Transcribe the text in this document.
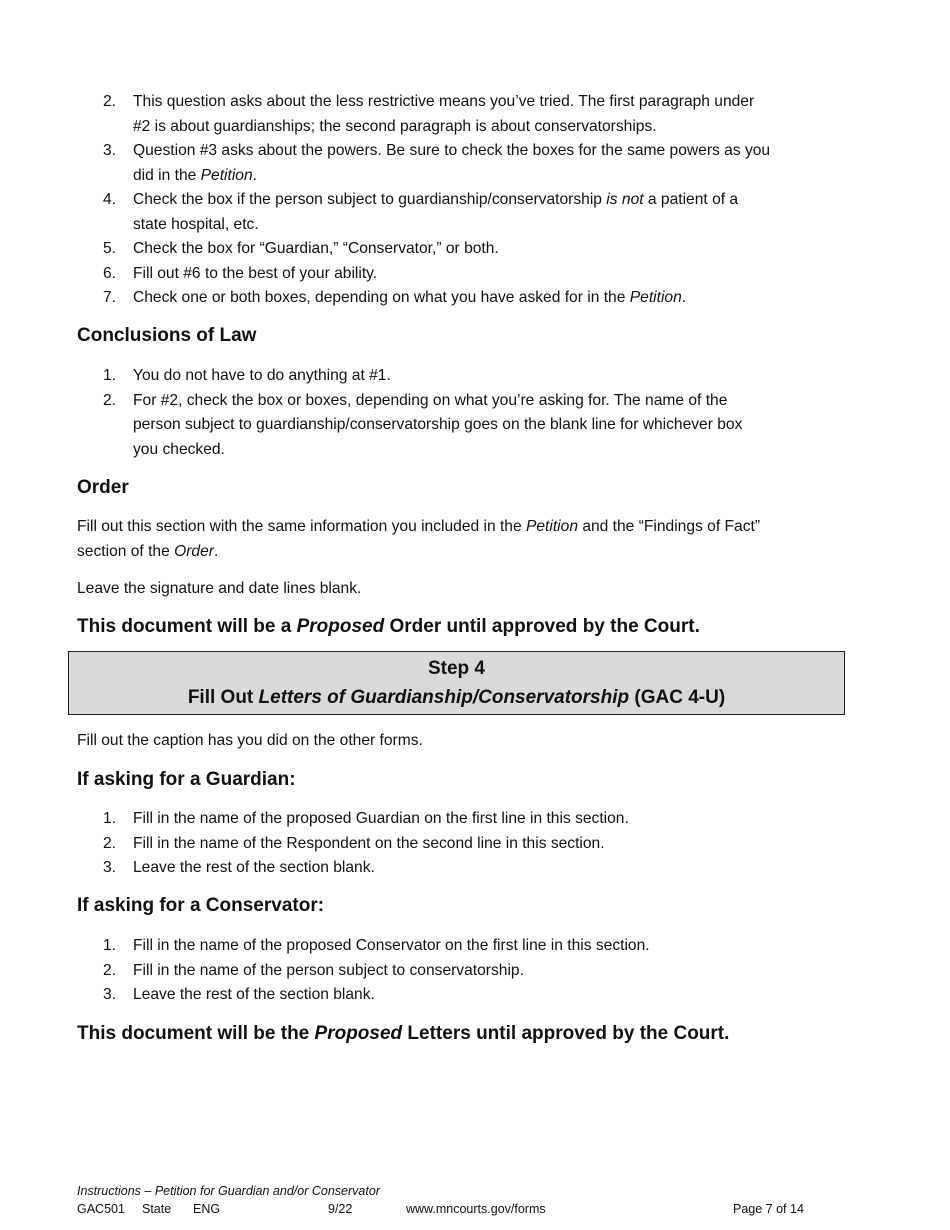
2. This question asks about the less restrictive means you’ve tried. The first paragraph under
#2 is about guardianships; the second paragraph is about conservatorships.
3. Question #3 asks about the powers. Be sure to check the boxes for the same powers as you
did in the Petition.
4. Check the box if the person subject to guardianship/conservatorship is not a patient of a
state hospital, etc.
5. Check the box for “Guardian,” “Conservator,” or both.
6. Fill out #6 to the best of your ability.
7. Check one or both boxes, depending on what you have asked for in the Petition.
Conclusions of Law
1. You do not have to do anything at #1.
2. For #2, check the box or boxes, depending on what you’re asking for. The name of the
person subject to guardianship/conservatorship goes on the blank line for whichever box
you checked.
Order

Fill out this section with the same information you included in the Petition and the “Findings of Fact”
section of the Order.

Leave the signature and date lines blank.

This document will be a Proposed Order until approved by the Court.

Step 4
Fill Out Letters of Guardianship/Conservatorship (GAC 4-U)

Fill out the caption has you did on the other forms.

If asking for a Guardian:
1. Fill in the name of the proposed Guardian on the first line in this section.
2. Fill in the name of the Respondent on the second line in this section.
3. Leave the rest of the section blank.
If asking for a Conservator:
1. Fill in the name of the proposed Conservator on the first line in this section.
2. Fill in the name of the person subject to conservatorship.
3. Leave the rest of the section blank.

This document will be the Proposed Letters until approved by the Court.

Instructions – Petition for Guardian and/or Conservator
GAC501 State ENG	9/22	www.mncourts.gov/forms	Page 7 of 14
